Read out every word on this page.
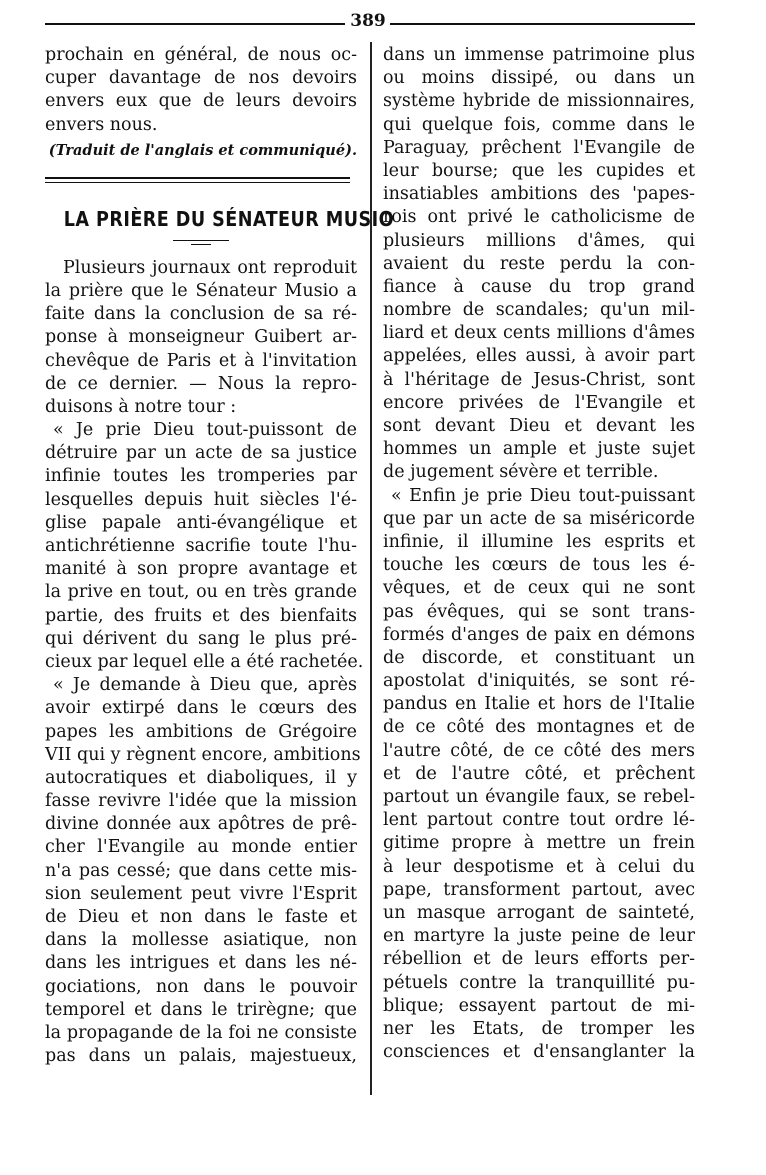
389
prochain en général, de nous oc-
cuper davantage de nos devoirs
envers eux que de leurs devoirs
envers nous.
(Traduit de l'anglais et communiqué).
LA PRIÈRE DU SÉNATEUR MUSIO
Plusieurs journaux ont reproduit
la prière que le Sénateur Musio a
faite dans la conclusion de sa ré-
ponse à monseigneur Guibert ar-
chevêque de Paris et à l'invitation
de ce dernier. — Nous la repro-
duisons à notre tour :
« Je prie Dieu tout-puissont de
détruire par un acte de sa justice
infinie toutes les tromperies par
lesquelles depuis huit siècles l'é-
glise papale anti-évangélique et
antichrétienne sacrifie toute l'hu-
manité à son propre avantage et
la prive en tout, ou en très grande
partie, des fruits et des bienfaits
qui dérivent du sang le plus pré-
cieux par lequel elle a été rachetée.
« Je demande à Dieu que, après
avoir extirpé dans le cœurs des
papes les ambitions de Grégoire
VII qui y règnent encore, ambitions
autocratiques et diaboliques, il y
fasse revivre l'idée que la mission
divine donnée aux apôtres de prê-
cher l'Evangile au monde entier
n'a pas cessé; que dans cette mis-
sion seulement peut vivre l'Esprit
de Dieu et non dans le faste et
dans la mollesse asiatique, non
dans les intrigues et dans les né-
gociations, non dans le pouvoir
temporel et dans le trirègne; que
la propagande de la foi ne consiste
pas dans un palais, majestueux,
dans un immense patrimoine plus
ou moins dissipé, ou dans un
système hybride de missionnaires,
qui quelque fois, comme dans le
Paraguay, prêchent l'Evangile de
leur bourse; que les cupides et
insatiables ambitions des 'papes-
rois ont privé le catholicisme de
plusieurs millions d'âmes, qui
avaient du reste perdu la con-
fiance à cause du trop grand
nombre de scandales; qu'un mil-
liard et deux cents millions d'âmes
appelées, elles aussi, à avoir part
à l'héritage de Jesus-Christ, sont
encore privées de l'Evangile et
sont devant Dieu et devant les
hommes un ample et juste sujet
de jugement sévère et terrible.
« Enfin je prie Dieu tout-puissant
que par un acte de sa miséricorde
infinie, il illumine les esprits et
touche les cœurs de tous les é-
vêques, et de ceux qui ne sont
pas évêques, qui se sont trans-
formés d'anges de paix en démons
de discorde, et constituant un
apostolat d'iniquités, se sont ré-
pandus en Italie et hors de l'Italie
de ce côté des montagnes et de
l'autre côté, de ce côté des mers
et de l'autre côté, et prêchent
partout un évangile faux, se rebel-
lent partout contre tout ordre lé-
gitime propre à mettre un frein
à leur despotisme et à celui du
pape, transforment partout, avec
un masque arrogant de sainteté,
en martyre la juste peine de leur
rébellion et de leurs efforts per-
pétuels contre la tranquillité pu-
blique; essayent partout de mi-
ner les Etats, de tromper les
consciences et d'ensanglanter la
